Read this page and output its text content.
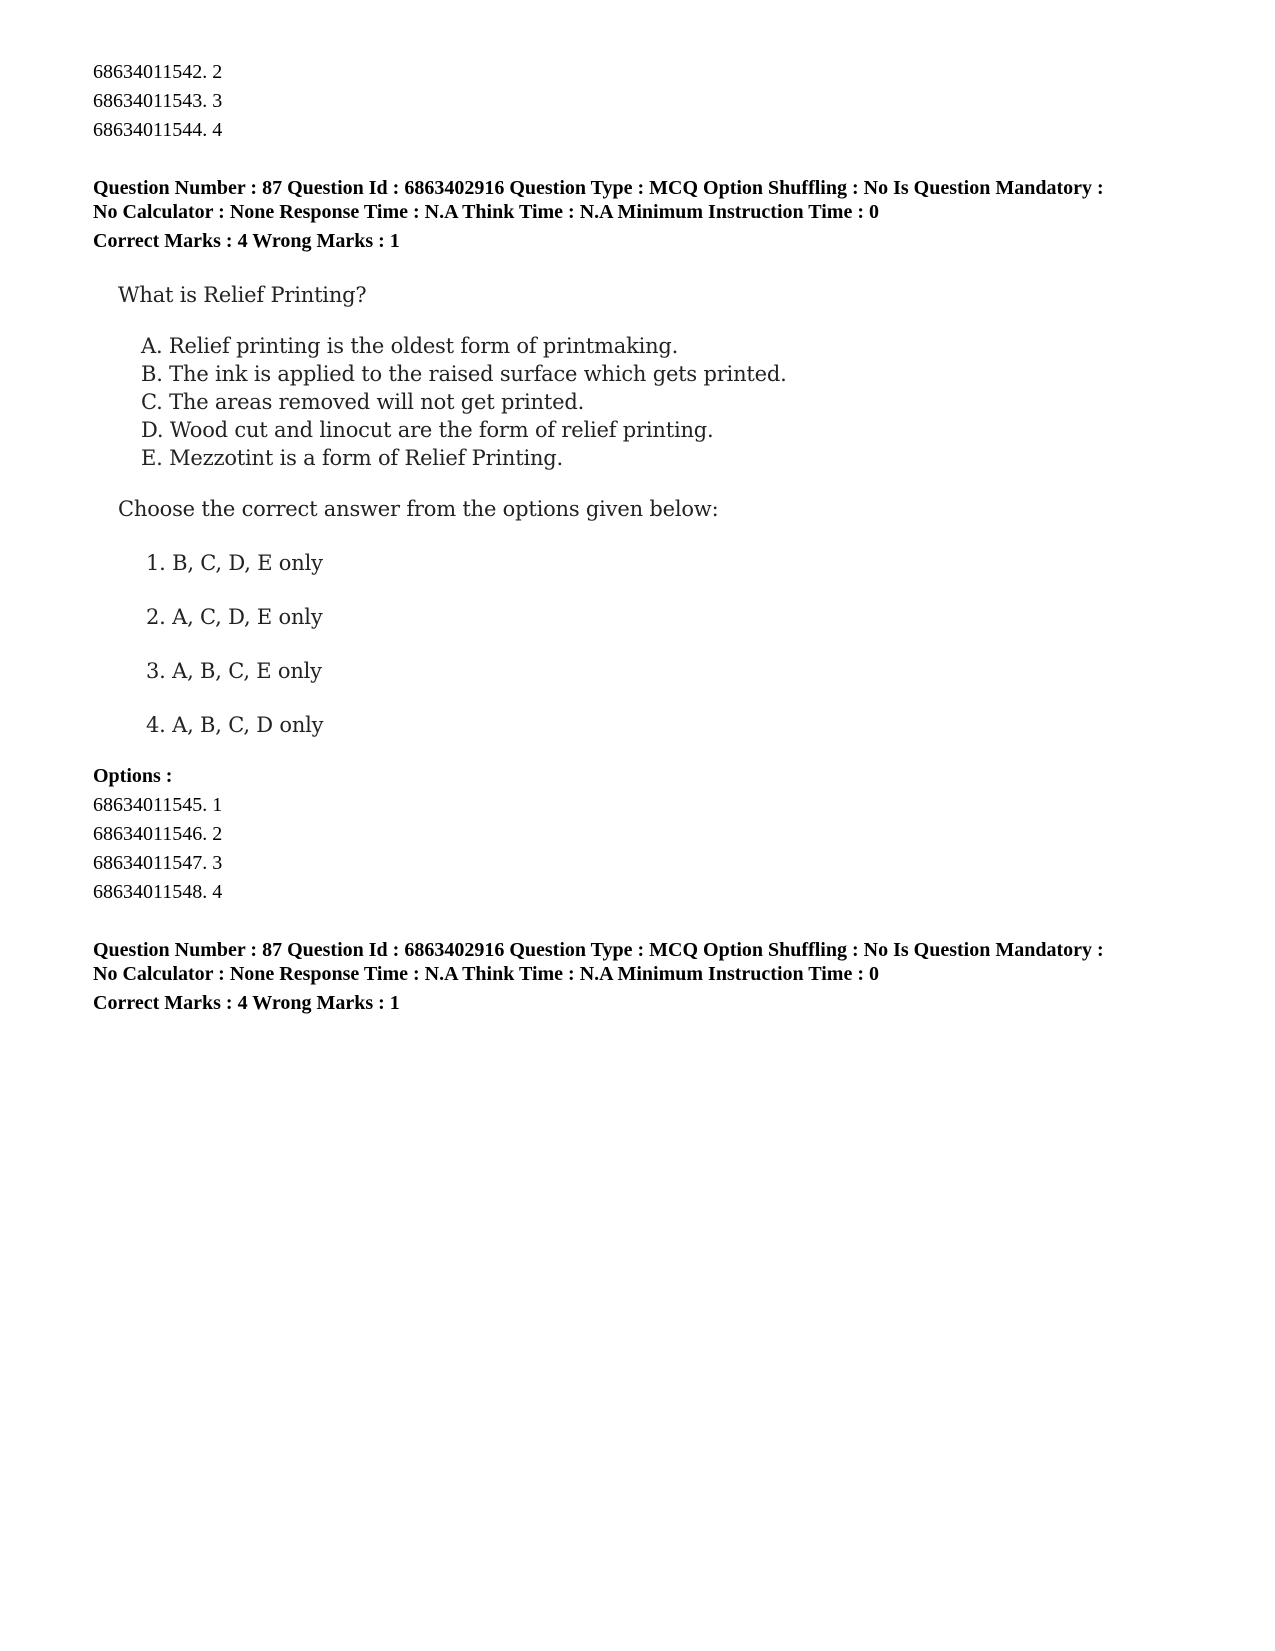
68634011542. 2
68634011543. 3
68634011544. 4
Question Number : 87 Question Id : 6863402916 Question Type : MCQ Option Shuffling : No Is Question Mandatory :
No Calculator : None Response Time : N.A Think Time : N.A Minimum Instruction Time : 0
Correct Marks : 4 Wrong Marks : 1
What is Relief Printing?
A. Relief printing is the oldest form of printmaking.
B. The ink is applied to the raised surface which gets printed.
C. The areas removed will not get printed.
D. Wood cut and linocut are the form of relief printing.
E. Mezzotint is a form of Relief Printing.
Choose the correct answer from the options given below:
1. B, C, D, E only
2. A, C, D, E only
3. A, B, C, E only
4. A, B, C, D only
Options :
68634011545. 1
68634011546. 2
68634011547. 3
68634011548. 4
Question Number : 87 Question Id : 6863402916 Question Type : MCQ Option Shuffling : No Is Question Mandatory :
No Calculator : None Response Time : N.A Think Time : N.A Minimum Instruction Time : 0
Correct Marks : 4 Wrong Marks : 1
